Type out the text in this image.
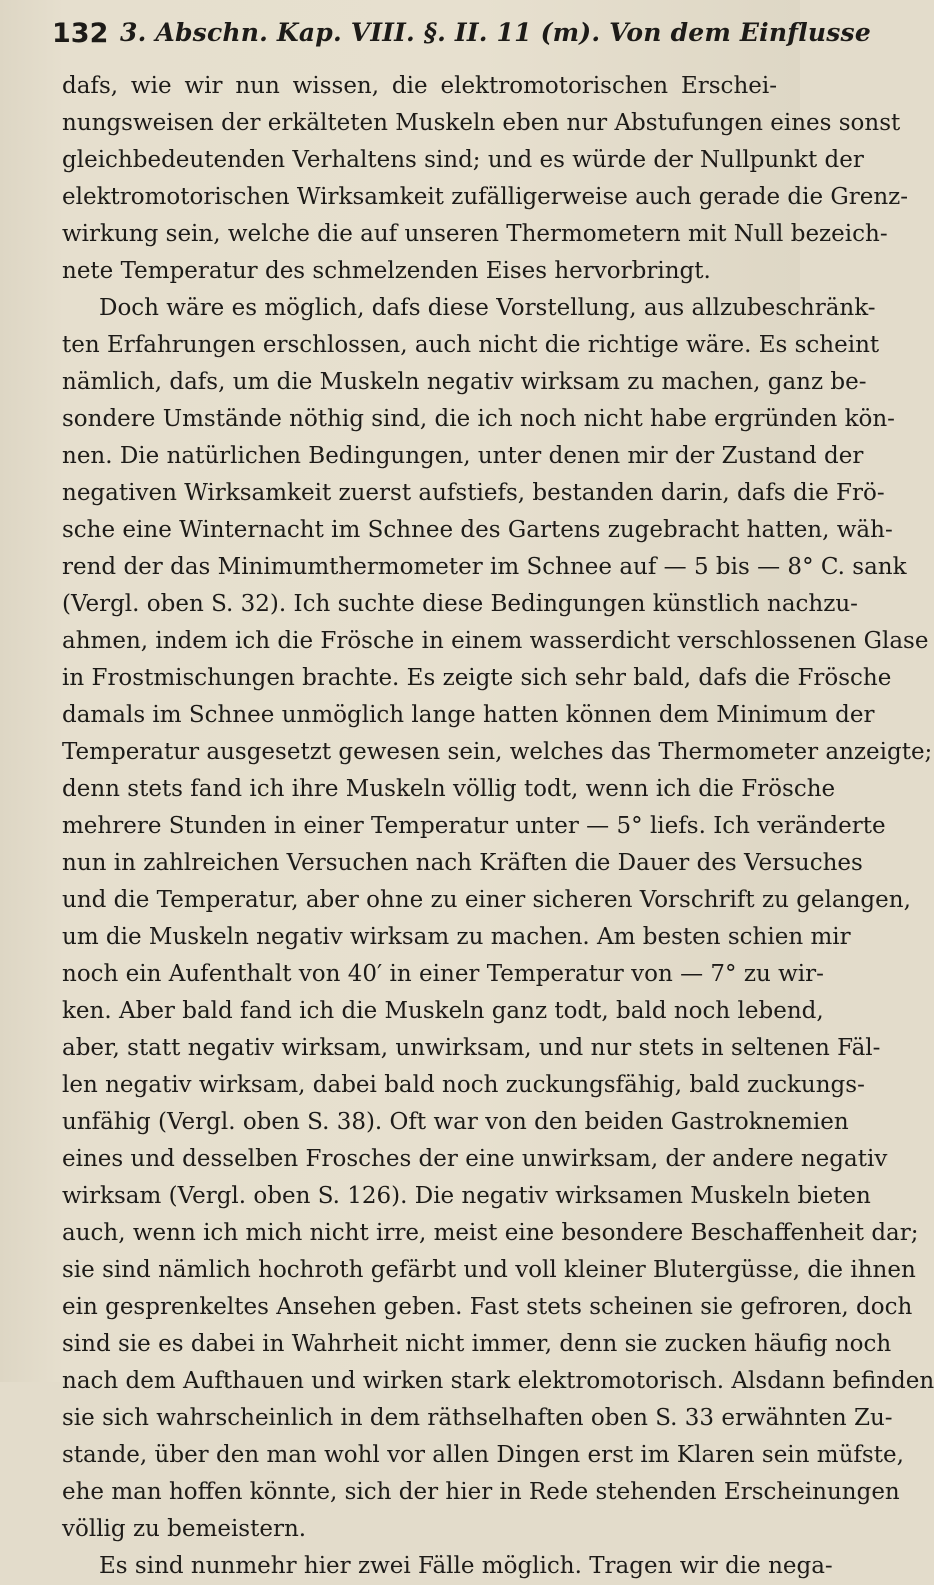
132 3. Abschn. Kap. VIII. §. II. 11 (m). Von dem Einflusse
dafs, wie wir nun wissen, die elektromotorischen Erschei-
nungsweisen der erkälteten Muskeln eben nur Abstufungen eines sonst
gleichbedeutenden Verhaltens sind; und es würde der Nullpunkt der
elektromotorischen Wirksamkeit zufälligerweise auch gerade die Grenz-
wirkung sein, welche die auf unseren Thermometern mit Null bezeich-
nete Temperatur des schmelzenden Eises hervorbringt.
Doch wäre es möglich, dafs diese Vorstellung, aus allzubeschränk-
ten Erfahrungen erschlossen, auch nicht die richtige wäre. Es scheint
nämlich, dafs, um die Muskeln negativ wirksam zu machen, ganz be-
sondere Umstände nöthig sind, die ich noch nicht habe ergründen kön-
nen. Die natürlichen Bedingungen, unter denen mir der Zustand der
negativen Wirksamkeit zuerst aufstiefs, bestanden darin, dafs die Frö-
sche eine Winternacht im Schnee des Gartens zugebracht hatten, wäh-
rend der das Minimumthermometer im Schnee auf — 5 bis — 8° C. sank
(Vergl. oben S. 32). Ich suchte diese Bedingungen künstlich nachzu-
ahmen, indem ich die Frösche in einem wasserdicht verschlossenen Glase
in Frostmischungen brachte. Es zeigte sich sehr bald, dafs die Frösche
damals im Schnee unmöglich lange hatten können dem Minimum der
Temperatur ausgesetzt gewesen sein, welches das Thermometer anzeigte;
denn stets fand ich ihre Muskeln völlig todt, wenn ich die Frösche
mehrere Stunden in einer Temperatur unter — 5° liefs. Ich veränderte
nun in zahlreichen Versuchen nach Kräften die Dauer des Versuches
und die Temperatur, aber ohne zu einer sicheren Vorschrift zu gelangen,
um die Muskeln negativ wirksam zu machen. Am besten schien mir
noch ein Aufenthalt von 40′ in einer Temperatur von — 7° zu wir-
ken. Aber bald fand ich die Muskeln ganz todt, bald noch lebend,
aber, statt negativ wirksam, unwirksam, und nur stets in seltenen Fäl-
len negativ wirksam, dabei bald noch zuckungsfähig, bald zuckungs-
unfähig (Vergl. oben S. 38). Oft war von den beiden Gastroknemien
eines und desselben Frosches der eine unwirksam, der andere negativ
wirksam (Vergl. oben S. 126). Die negativ wirksamen Muskeln bieten
auch, wenn ich mich nicht irre, meist eine besondere Beschaffenheit dar;
sie sind nämlich hochroth gefärbt und voll kleiner Blutergüsse, die ihnen
ein gesprenkeltes Ansehen geben. Fast stets scheinen sie gefroren, doch
sind sie es dabei in Wahrheit nicht immer, denn sie zucken häufig noch
nach dem Aufthauen und wirken stark elektromotorisch. Alsdann befinden
sie sich wahrscheinlich in dem räthselhaften oben S. 33 erwähnten Zu-
stande, über den man wohl vor allen Dingen erst im Klaren sein müfste,
ehe man hoffen könnte, sich der hier in Rede stehenden Erscheinungen
völlig zu bemeistern.
Es sind nunmehr hier zwei Fälle möglich. Tragen wir die nega-
